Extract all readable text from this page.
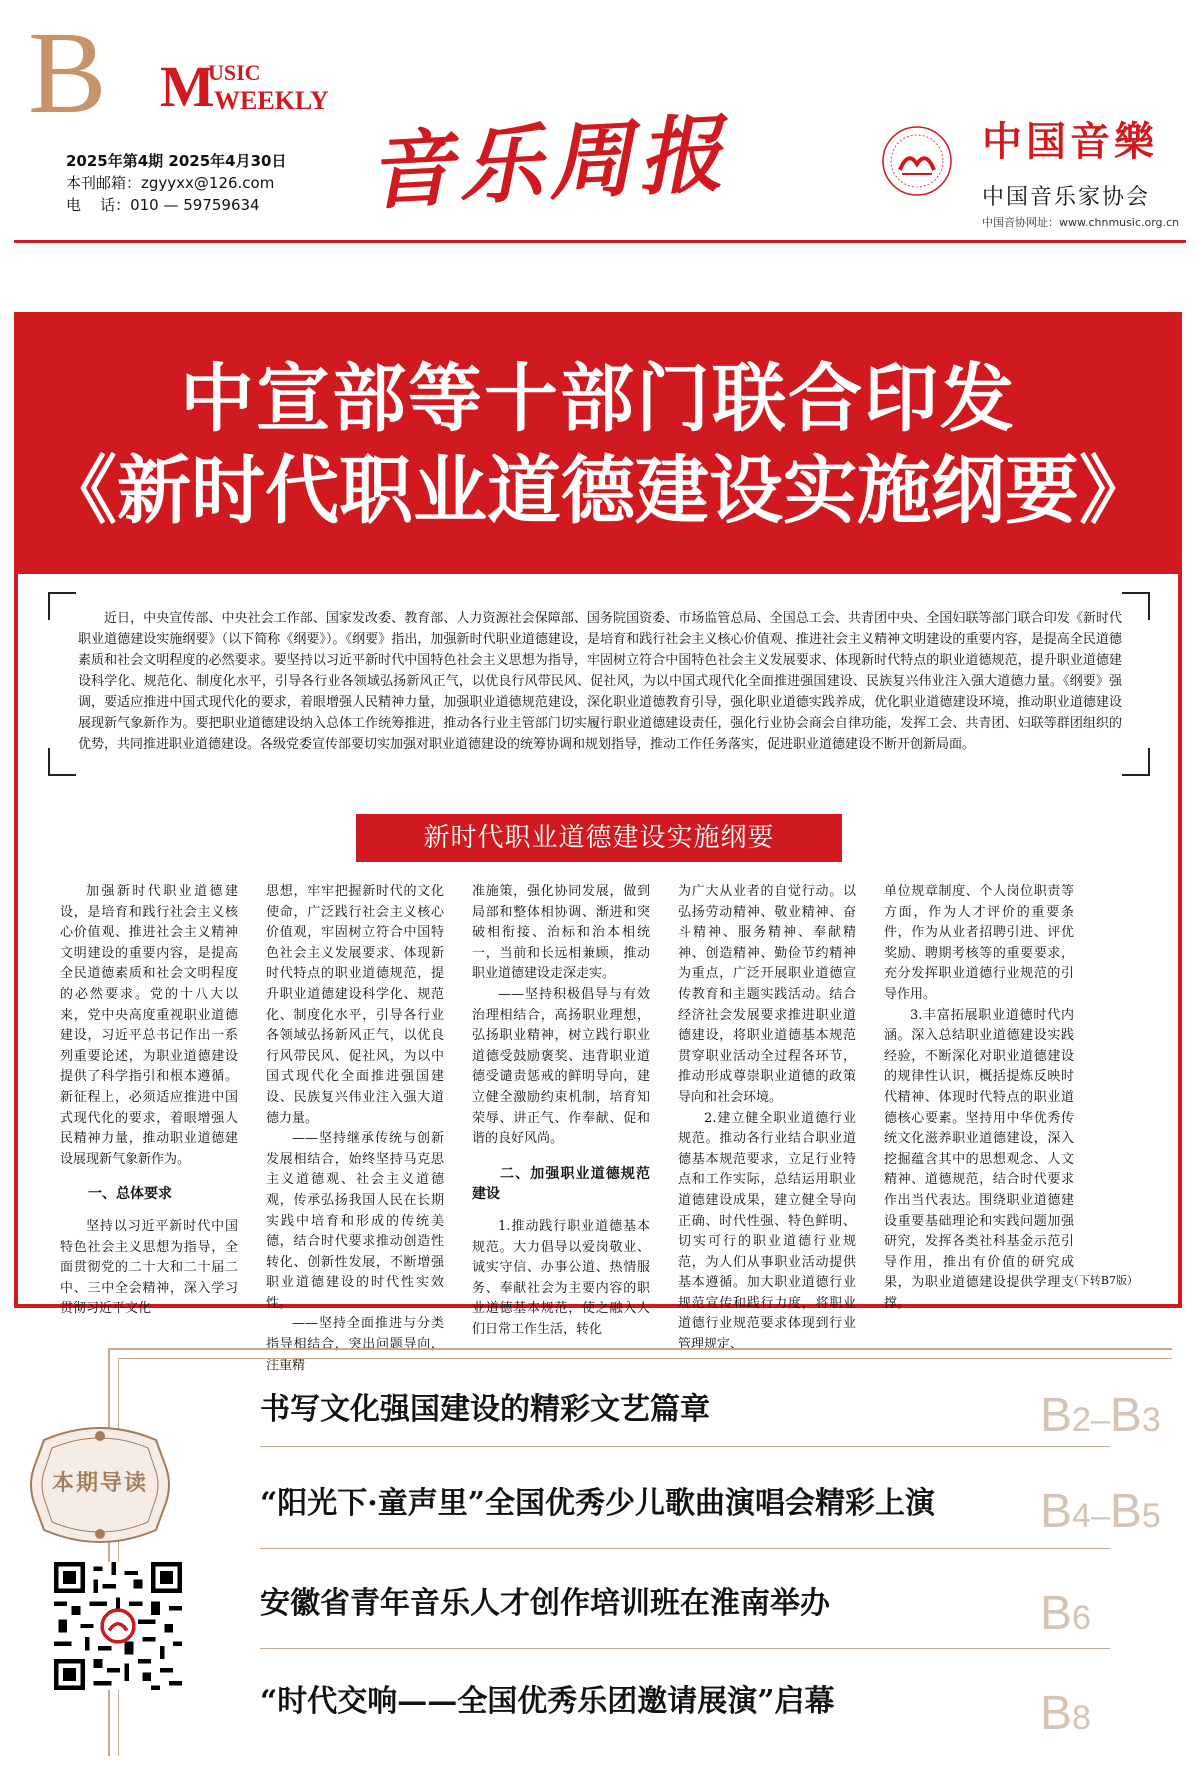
B M
USIC
WEEKLY
2025年第4期 2025年4月30日
本刊邮箱：zgyyxx@126.com
电    话：010 — 59759634 音乐周报	中国音樂
中国音乐家协会
中国音协网址：www.chnmusic.org.cn
中宣部等十部门联合印发
《新时代职业道德建设实施纲要》
近日，中央宣传部、中央社会工作部、国家发改委、教育部、人力资源社会保障部、国务院国资委、市场监管总局、全国总工会、共青团中央、全国妇联等部门联合印发《新时代职业道德建设实施纲要》（以下简称《纲要》）。《纲要》指出，加强新时代职业道德建设，是培育和践行社会主义核心价值观、推进社会主义精神文明建设的重要内容，是提高全民道德素质和社会文明程度的必然要求。要坚持以习近平新时代中国特色社会主义思想为指导，牢固树立符合中国特色社会主义发展要求、体现新时代特点的职业道德规范，提升职业道德建设科学化、规范化、制度化水平，引导各行业各领域弘扬新风正气，以优良行风带民风、促社风，为以中国式现代化全面推进强国建设、民族复兴伟业注入强大道德力量。《纲要》强调，要适应推进中国式现代化的要求，着眼增强人民精神力量，加强职业道德规范建设，深化职业道德教育引导，强化职业道德实践养成，优化职业道德建设环境，推动职业道德建设展现新气象新作为。要把职业道德建设纳入总体工作统筹推进，推动各行业主管部门切实履行职业道德建设责任，强化行业协会商会自律功能，发挥工会、共青团、妇联等群团组织的优势，共同推进职业道德建设。各级党委宣传部要切实加强对职业道德建设的统筹协调和规划指导，推动工作任务落实，促进职业道德建设不断开创新局面。
新时代职业道德建设实施纲要

加强新时代职业道德建设，是培育和践行社会主义核心价值观、推进社会主义精神文明建设的重要内容，是提高全民道德素质和社会文明程度的必然要求。党的十八大以来，党中央高度重视职业道德建设，习近平总书记作出一系列重要论述，为职业道德建设提供了科学指引和根本遵循。新征程上，必须适应推进中国式现代化的要求，着眼增强人民精神力量，推动职业道德建设展现新气象新作为。

一、总体要求

坚持以习近平新时代中国特色社会主义思想为指导，全面贯彻党的二十大和二十届二中、三中全会精神，深入学习贯彻习近平文化

思想，牢牢把握新时代的文化使命，广泛践行社会主义核心价值观，牢固树立符合中国特色社会主义发展要求、体现新时代特点的职业道德规范，提升职业道德建设科学化、规范化、制度化水平，引导各行业各领域弘扬新风正气，以优良行风带民风、促社风，为以中国式现代化全面推进强国建设、民族复兴伟业注入强大道德力量。

——坚持继承传统与创新发展相结合，始终坚持马克思主义道德观、社会主义道德观，传承弘扬我国人民在长期实践中培育和形成的传统美德，结合时代要求推动创造性转化、创新性发展，不断增强职业道德建设的时代性实效性。

——坚持全面推进与分类指导相结合，突出问题导向，注重精

准施策，强化协同发展，做到局部和整体相协调、渐进和突破相衔接、治标和治本相统一，当前和长远相兼顾，推动职业道德建设走深走实。

——坚持积极倡导与有效治理相结合，高扬职业理想，弘扬职业精神，树立践行职业道德受鼓励褒奖、违背职业道德受谴责惩戒的鲜明导向，建立健全激励约束机制，培育知荣辱、讲正气、作奉献、促和谐的良好风尚。

二、加强职业道德规范建设

1.推动践行职业道德基本规范。大力倡导以爱岗敬业、诚实守信、办事公道、热情服务、奉献社会为主要内容的职业道德基本规范，使之融入人们日常工作生活，转化

为广大从业者的自觉行动。以弘扬劳动精神、敬业精神、奋斗精神、服务精神、奉献精神、创造精神、勤俭节约精神为重点，广泛开展职业道德宣传教育和主题实践活动。结合经济社会发展要求推进职业道德建设，将职业道德基本规范贯穿职业活动全过程各环节，推动形成尊崇职业道德的政策导向和社会环境。

2.建立健全职业道德行业规范。推动各行业结合职业道德基本规范要求，立足行业特点和工作实际，总结运用职业道德建设成果，建立健全导向正确、时代性强、特色鲜明、切实可行的职业道德行业规范，为人们从事职业活动提供基本遵循。加大职业道德行业规范宣传和践行力度，将职业道德行业规范要求体现到行业管理规定、

单位规章制度、个人岗位职责等方面，作为人才评价的重要条件，作为从业者招聘引进、评优奖励、聘期考核等的重要要求，充分发挥职业道德行业规范的引导作用。

3.丰富拓展职业道德时代内涵。深入总结职业道德建设实践经验，不断深化对职业道德建设的规律性认识，概括提炼反映时代精神、体现时代特点的职业道德核心要素。坚持用中华优秀传统文化滋养职业道德建设，深入挖掘蕴含其中的思想观念、人文精神、道德规范，结合时代要求作出当代表达。围绕职业道德建设重要基础理论和实践问题加强研究，发挥各类社科基金示范引导作用，推出有价值的研究成果，为职业道德建设提供学理支撑。

（下转B7版）
本期导读
书写文化强国建设的精彩文艺篇章	B2–B3
“阳光下·童声里”全国优秀少儿歌曲演唱会精彩上演 B4–B5
安徽省青年音乐人才创作培训班在淮南举办	B6
“时代交响——全国优秀乐团邀请展演”启幕	B8
